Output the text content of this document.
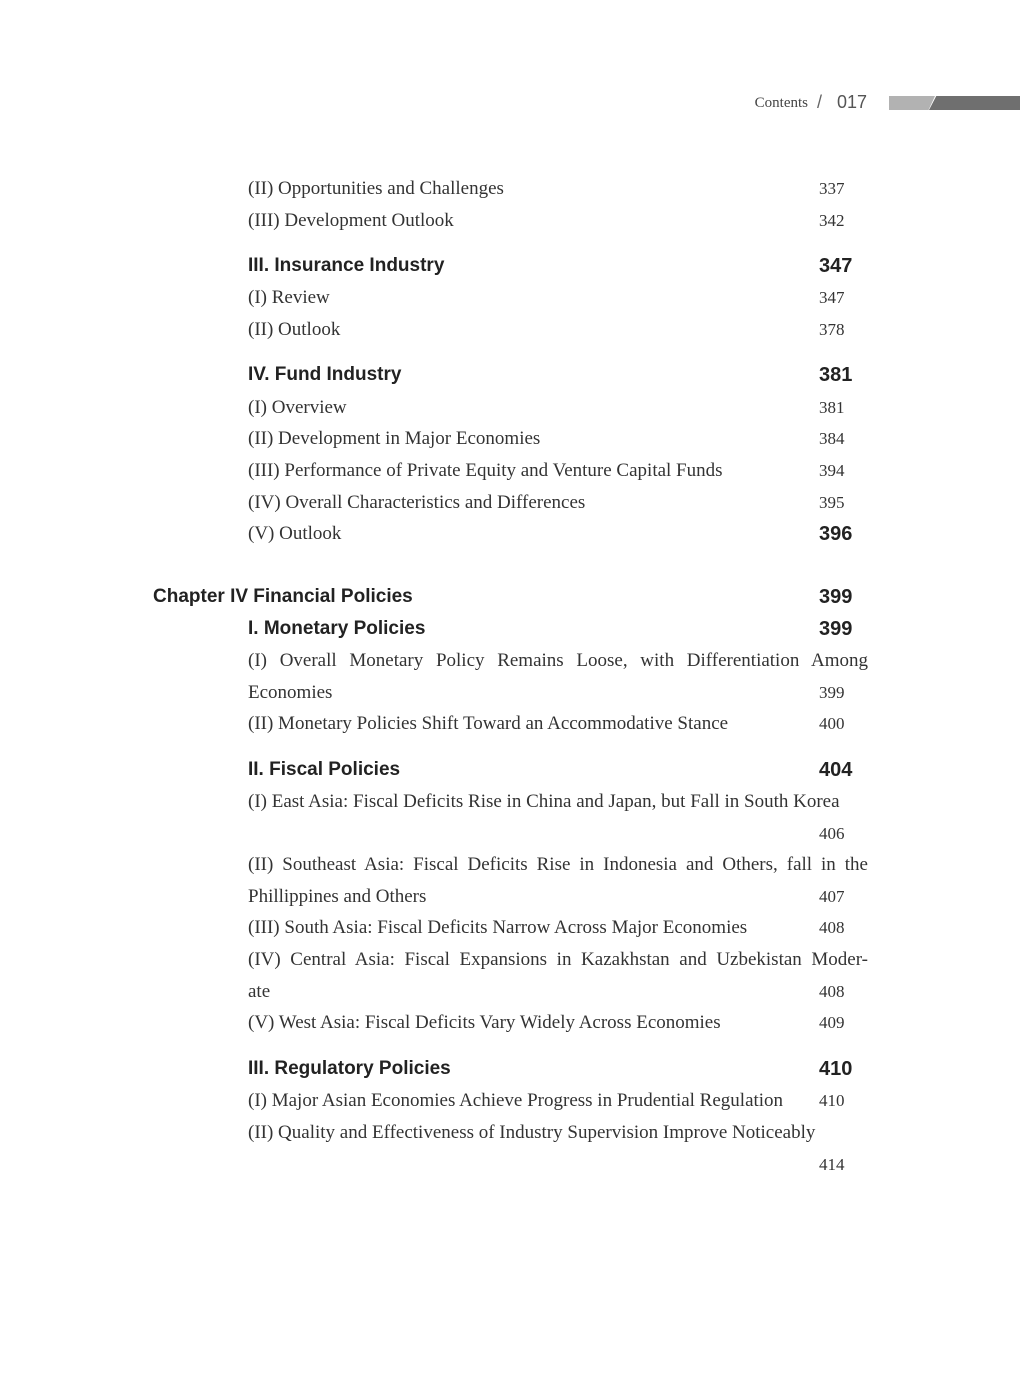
Contents / 017
(II) Opportunities and Challenges	337
(III) Development Outlook	342
III. Insurance Industry	347
(I) Review	347
(II) Outlook	378
IV. Fund Industry	381
(I) Overview	381
(II) Development in Major Economies	384
(III) Performance of Private Equity and Venture Capital Funds	394
(IV) Overall Characteristics and Differences	395
(V) Outlook	396
Chapter IV Financial Policies	399
I. Monetary Policies	399
(I) Overall Monetary Policy Remains Loose, with Differentiation Among
Economies	399
(II) Monetary Policies Shift Toward an Accommodative Stance	400
II. Fiscal Policies	404
(I) East Asia: Fiscal Deficits Rise in China and Japan, but Fall in South Korea
406
(II) Southeast Asia: Fiscal Deficits Rise in Indonesia and Others, fall in the
Phillippines and Others	407
(III) South Asia: Fiscal Deficits Narrow Across Major Economies	408
(IV) Central Asia: Fiscal Expansions in Kazakhstan and Uzbekistan Moder-
ate	408
(V) West Asia: Fiscal Deficits Vary Widely Across Economies	409
III. Regulatory Policies	410
(I) Major Asian Economies Achieve Progress in Prudential Regulation	410
(II) Quality and Effectiveness of Industry Supervision Improve Noticeably
414
